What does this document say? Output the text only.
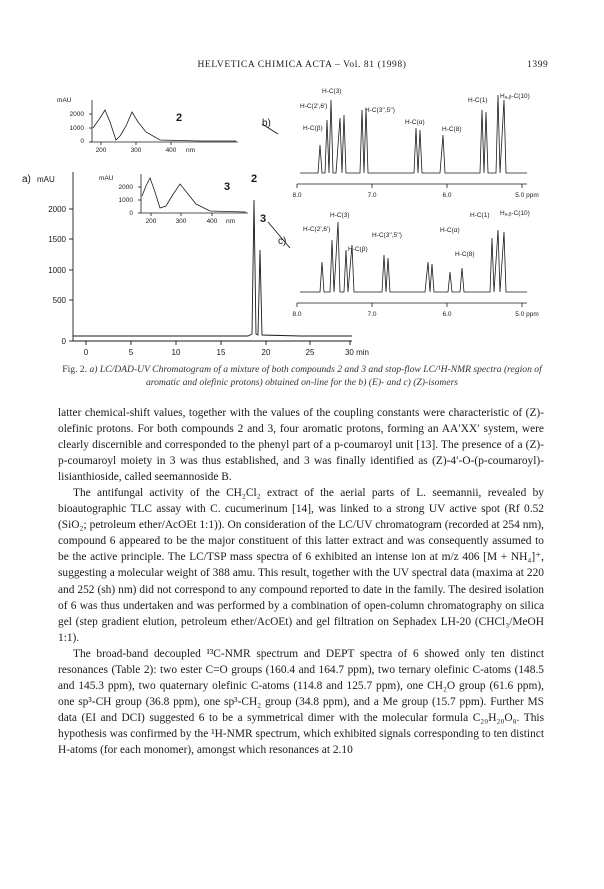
HELVETICA CHIMICA ACTA – Vol. 81 (1998)	1399
a) mAU
0
500
1000
1500
2000
0	5	10	15	20	25	30 min
2
3
mAU
2000
1000
0
200	300	400 nm
2
mAU
2000
1000
0
200	300	400 nm
3
b)
H-C(3)
H-C(2',6')
H-C(3'',5'')
H-C(α)
H-C(β)	H-C(8)
H-C(1)
Hₐ,ᵦ-C(10)
8.0	7.0	6.0	5.0 ppm
c)
H-C(3)
H-C(2',6')
H-C(3'',5'')
H-C(α)
H-C(β)
H-C(8)
H-C(1) Hₐ,ᵦ-C(10)
8.0	7.0	6.0	5.0 ppm
Fig. 2. a) LC/DAD-UV Chromatogram of a mixture of both compounds 2 and 3 and stop-flow LC/¹H-NMR spectra (region of aromatic and olefinic protons) obtained on-line for the b) (E)- and c) (Z)-isomers

latter chemical-shift values, together with the values of the coupling constants were characteristic of (Z)-olefinic protons. For both compounds 2 and 3, four aromatic protons, forming an AA′XX′ system, were clearly discernible and corresponded to the phenyl part of a p-coumaroyl unit [13]. The presence of a (Z)-p-coumaroyl moiety in 3 was thus established, and 3 was finally identified as (Z)-4′-O-(p-coumaroyl)-lisianthioside, called seemannoside B.

The antifungal activity of the CH₂Cl₂ extract of the aerial parts of L. seemannii, revealed by bioautographic TLC assay with C. cucumerinum [14], was linked to a strong UV active spot (Rf 0.52 (SiO₂; petroleum ether/AcOEt 1:1)). On consideration of the LC/UV chromatogram (recorded at 254 nm), compound 6 appeared to be the major constituent of this latter extract and was consequently assumed to be the active principle. The LC/TSP mass spectra of 6 exhibited an intense ion at m/z 406 [M + NH₄]⁺, suggesting a molecular weight of 388 amu. This result, together with the UV spectral data (maxima at 220 and 252 (sh) nm) did not correspond to any compound reported to date in the family. The desired isolation of 6 was thus undertaken and was performed by a combination of open-column chromatography on silica gel (step gradient elution, petroleum ether/AcOEt) and gel filtration on Sephadex LH-20 (CHCl₃/MeOH 1:1).

The broad-band decoupled ¹³C-NMR spectrum and DEPT spectra of 6 showed only ten distinct resonances (Table 2): two ester C=O groups (160.4 and 164.7 ppm), two ternary olefinic C-atoms (148.5 and 145.3 ppm), two quaternary olefinic C-atoms (114.8 and 125.7 ppm), one CH₂O group (61.6 ppm), one sp³-CH group (36.8 ppm), one sp³-CH₂ group (34.8 ppm), and a Me group (15.7 ppm). Further MS data (EI and DCI) suggested 6 to be a symmetrical dimer with the molecular formula C₂₀H₂₀O₈. This hypothesis was confirmed by the ¹H-NMR spectrum, which exhibited signals corresponding to ten distinct H-atoms (for each monomer), amongst which resonances at 2.10
